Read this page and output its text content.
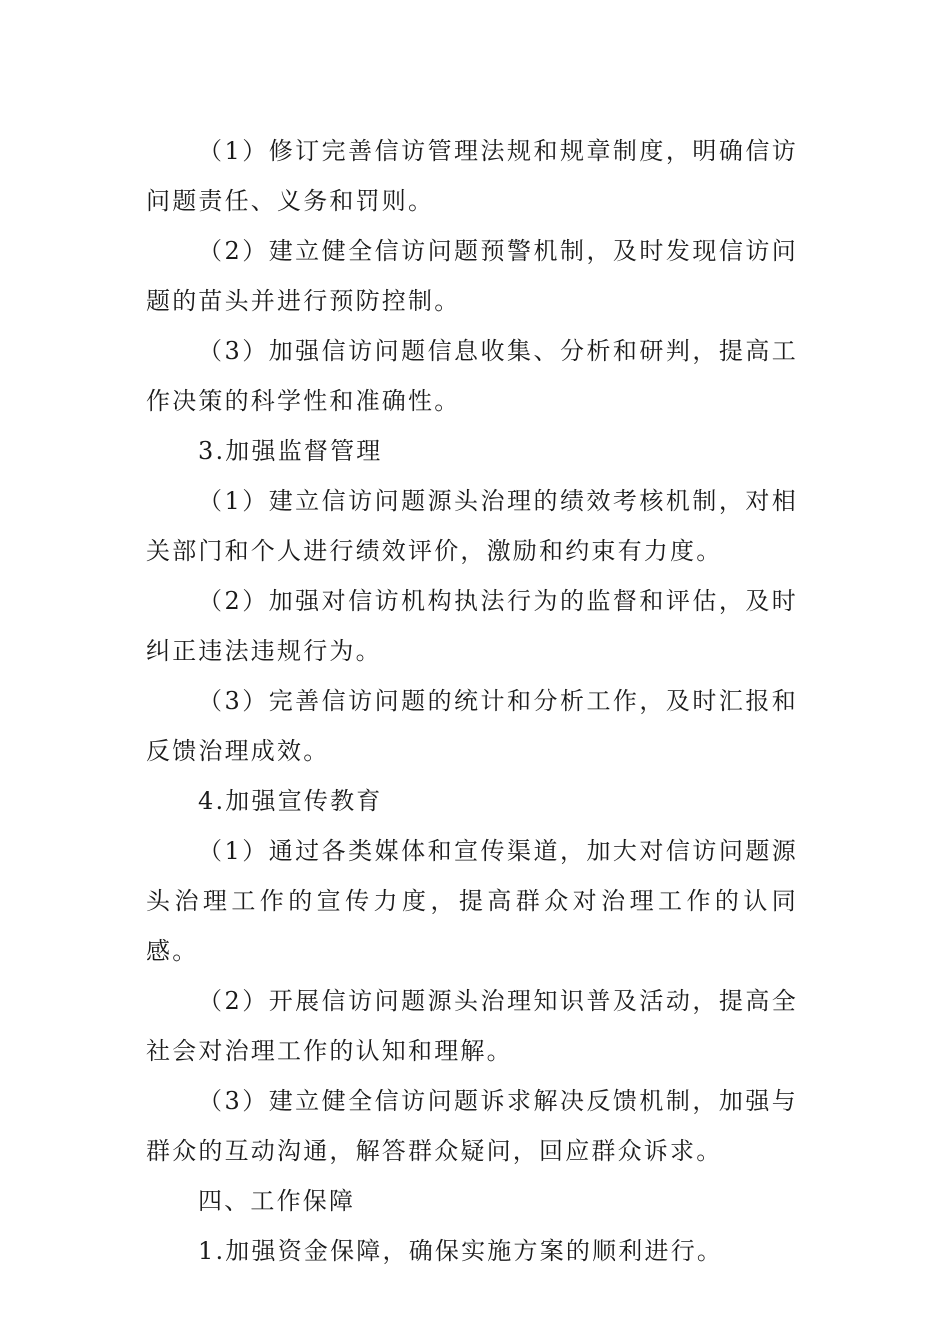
（1）修订完善信访管理法规和规章制度，明确信访问题责任、义务和罚则。

（2）建立健全信访问题预警机制，及时发现信访问题的苗头并进行预防控制。

（3）加强信访问题信息收集、分析和研判，提高工作决策的科学性和准确性。

3.加强监督管理

（1）建立信访问题源头治理的绩效考核机制，对相关部门和个人进行绩效评价，激励和约束有力度。

（2）加强对信访机构执法行为的监督和评估，及时纠正违法违规行为。

（3）完善信访问题的统计和分析工作，及时汇报和反馈治理成效。

4.加强宣传教育

（1）通过各类媒体和宣传渠道，加大对信访问题源头治理工作的宣传力度，提高群众对治理工作的认同感。

（2）开展信访问题源头治理知识普及活动，提高全社会对治理工作的认知和理解。

（3）建立健全信访问题诉求解决反馈机制，加强与群众的互动沟通，解答群众疑问，回应群众诉求。

四、工作保障

1.加强资金保障，确保实施方案的顺利进行。
